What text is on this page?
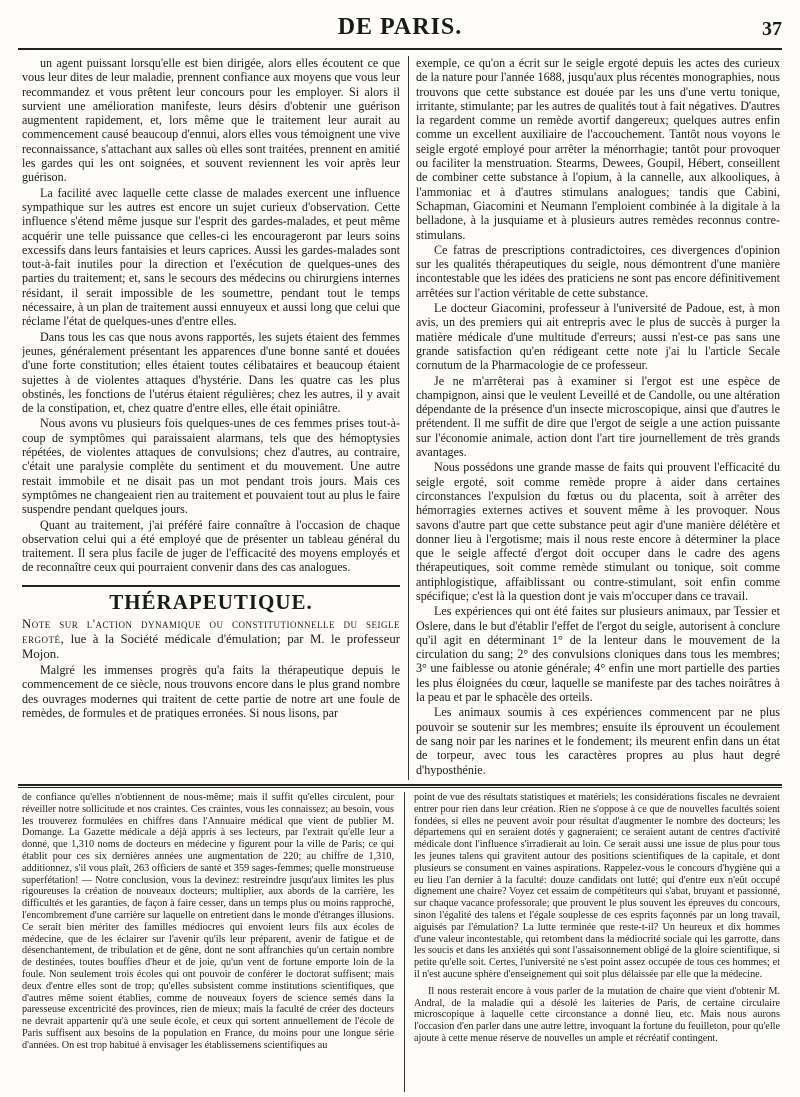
DE PARIS.	37

un agent puissant lorsqu'elle est bien dirigée, alors elles écoutent ce que vous leur dites de leur maladie, prennent confiance aux moyens que vous leur recommandez et vous prêtent leur concours pour les employer. Si alors il survient une amélioration manifeste, leurs désirs d'obtenir une guérison augmentent rapidement, et, lors même que le traitement leur aurait au commencement causé beaucoup d'ennui, alors elles vous témoignent une vive reconnaissance, s'attachant aux salles où elles sont traitées, prennent en amitié les gardes qui les ont soignées, et souvent reviennent les voir après leur guérison.

La facilité avec laquelle cette classe de malades exercent une influence sympathique sur les autres est encore un sujet curieux d'observation. Cette influence s'étend même jusque sur l'esprit des gardes-malades, et peut même acquérir une telle puissance que celles-ci les encourageront par leurs soins excessifs dans leurs fantaisies et leurs caprices. Aussi les gardes-malades sont tout-à-fait inutiles pour la direction et l'exécution de quelques-unes des parties du traitement; et, sans le secours des médecins ou chirurgiens internes résidant, il serait impossible de les soumettre, pendant tout le temps nécessaire, à un plan de traitement aussi ennuyeux et aussi long que celui que réclame l'état de quelques-unes d'entre elles.

Dans tous les cas que nous avons rapportés, les sujets étaient des femmes jeunes, généralement présentant les apparences d'une bonne santé et douées d'une forte constitution; elles étaient toutes célibataires et beaucoup étaient sujettes à de violentes attaques d'hystérie. Dans les quatre cas les plus obstinés, les fonctions de l'utérus étaient régulières; chez les autres, il y avait de la constipation, et, chez quatre d'entre elles, elle était opiniâtre.

Nous avons vu plusieurs fois quelques-unes de ces femmes prises tout-à-coup de symptômes qui paraissaient alarmans, tels que des hémoptysies répétées, de violentes attaques de convulsions; chez d'autres, au contraire, c'était une paralysie complète du sentiment et du mouvement. Une autre restait immobile et ne disait pas un mot pendant trois jours. Mais ces symptômes ne changeaient rien au traitement et pouvaient tout au plus le faire suspendre pendant quelques jours.

Quant au traitement, j'ai préféré faire connaître à l'occasion de chaque observation celui qui a été employé que de présenter un tableau général du traitement. Il sera plus facile de juger de l'efficacité des moyens employés et de reconnaître ceux qui pourraient convenir dans des cas analogues.

THÉRAPEUTIQUE.

Note sur l'action dynamique ou constitutionnelle du seigle ergoté, lue à la Société médicale d'émulation; par M. le professeur Mojon.

Malgré les immenses progrès qu'a faits la thérapeutique depuis le commencement de ce siècle, nous trouvons encore dans le plus grand nombre des ouvrages modernes qui traitent de cette partie de notre art une foule de remèdes, de formules et de pratiques erronées. Si nous lisons, par

exemple, ce qu'on a écrit sur le seigle ergoté depuis les actes des curieux de la nature pour l'année 1688, jusqu'aux plus récentes monographies, nous trouvons que cette substance est douée par les uns d'une vertu tonique, irritante, stimulante; par les autres de qualités tout à fait négatives. D'autres la regardent comme un remède avortif dangereux; quelques autres enfin comme un excellent auxiliaire de l'accouchement. Tantôt nous voyons le seigle ergoté employé pour arrêter la ménorrhagie; tantôt pour provoquer ou faciliter la menstruation. Stearms, Dewees, Goupil, Hébert, conseillent de combiner cette substance à l'opium, à la cannelle, aux alkooliques, à l'ammoniac et à d'autres stimulans analogues; tandis que Cabini, Schapman, Giacomini et Neumann l'emploient combinée à la digitale à la belladone, à la jusquiame et à plusieurs autres remèdes reconnus contre-stimulans.

Ce fatras de prescriptions contradictoires, ces divergences d'opinion sur les qualités thérapeutiques du seigle, nous démontrent d'une manière incontestable que les idées des praticiens ne sont pas encore définitivement arrêtées sur l'action véritable de cette substance.

Le docteur Giacomini, professeur à l'université de Padoue, est, à mon avis, un des premiers qui ait entrepris avec le plus de succès à purger la matière médicale d'une multitude d'erreurs; aussi n'est-ce pas sans une grande satisfaction qu'en rédigeant cette note j'ai lu l'article Secale cornutum de la Pharmacologie de ce professeur.

Je ne m'arrêterai pas à examiner si l'ergot est une espèce de champignon, ainsi que le veulent Leveillé et de Candolle, ou une altération dépendante de la présence d'un insecte microscopique, ainsi que d'autres le prétendent. Il me suffit de dire que l'ergot de seigle a une action puissante sur l'économie animale, action dont l'art tire journellement de très grands avantages.

Nous possédons une grande masse de faits qui prouvent l'efficacité du seigle ergoté, soit comme remède propre à aider dans certaines circonstances l'expulsion du fœtus ou du placenta, soit à arrêter des hémorragies externes actives et souvent même à les provoquer. Nous savons d'autre part que cette substance peut agir d'une manière délétère et donner lieu à l'ergotisme; mais il nous reste encore à déterminer la place que le seigle affecté d'ergot doit occuper dans le cadre des agens thérapeutiques, soit comme remède stimulant ou tonique, soit comme antiphlogistique, affaiblissant ou contre-stimulant, soit enfin comme spécifique; c'est là la question dont je vais m'occuper dans ce travail.

Les expériences qui ont été faites sur plusieurs animaux, par Tessier et Oslere, dans le but d'établir l'effet de l'ergot du seigle, autorisent à conclure qu'il agit en déterminant 1° de la lenteur dans le mouvement de la circulation du sang; 2° des convulsions cloniques dans tous les membres; 3° une faiblesse ou atonie générale; 4° enfin une mort partielle des parties les plus éloignées du cœur, laquelle se manifeste par des taches noirâtres à la peau et par le sphacèle des orteils.

Les animaux soumis à ces expériences commencent par ne plus pouvoir se soutenir sur les membres; ensuite ils éprouvent un écoulement de sang noir par les narines et le fondement; ils meurent enfin dans un état de torpeur, avec tous les caractères propres au plus haut degré d'hyposthénie.

de confiance qu'elles n'obtiennent de nous-même; mais il suffit qu'elles circulent, pour réveiller notre sollicitude et nos craintes. Ces craintes, vous les connaissez; au besoin, vous les trouverez formulées en chiffres dans l'Annuaire médical que vient de publier M. Domange. La Gazette médicale a déjà appris à ses lecteurs, par l'extrait qu'elle leur a donné, que 1,310 noms de docteurs en médecine y figurent pour la ville de Paris; ce qui établit pour ces six dernières années une augmentation de 220; au chiffre de 1,310, additionnez, s'il vous plaît, 263 officiers de santé et 359 sages-femmes; quelle monstrueuse superfétation! — Notre conclusion, vous la devinez: restreindre jusqu'aux limites les plus rigoureuses la création de nouveaux docteurs; multiplier, aux abords de la carrière, les difficultés et les garanties, de façon à faire cesser, dans un temps plus ou moins rapproché, l'encombrement d'une carrière sur laquelle on entretient dans le monde d'étranges illusions. Ce serait bien mériter des familles médiocres qui envoient leurs fils aux écoles de médecine, que de les éclairer sur l'avenir qu'ils leur préparent, avenir de fatigue et de désenchantement, de tribulation et de gêne, dont ne sont affranchies qu'un certain nombre de destinées, toutes bouffies d'heur et de joie, qu'un vent de fortune emporte loin de la foule. Non seulement trois écoles qui ont pouvoir de conférer le doctorat suffisent; mais deux d'entre elles sont de trop; qu'elles subsistent comme institutions scientifiques, que d'autres même soient établies, comme de nouveaux foyers de science semés dans la paresseuse excentricité des provinces, rien de mieux; mais la faculté de créer des docteurs ne devrait appartenir qu'à une seule école, et ceux qui sortent annuellement de l'école de Paris suffisent aux besoins de la population en France, du moins pour une longue série d'années. On est trop habitué à envisager les établissemens scientifiques au

point de vue des résultats statistiques et matériels; les considérations fiscales ne devraient entrer pour rien dans leur création. Rien ne s'oppose à ce que de nouvelles facultés soient fondées, si elles ne peuvent avoir pour résultat d'augmenter le nombre des docteurs; les départemens qui en seraient dotés y gagneraient; ce seraient autant de centres d'activité médicale dont l'influence s'irradierait au loin. Ce serait aussi une issue de plus pour tous les jeunes talens qui gravitent autour des positions scientifiques de la capitale, et dont plusieurs se consument en vaines aspirations. Rappelez-vous le concours d'hygiène qui a eu lieu l'an dernier à la faculté: douze candidats ont lutté; qui d'entre eux n'eût occupé dignement une chaire? Voyez cet essaim de compétiteurs qui s'abat, bruyant et passionné, sur chaque vacance professorale; que prouvent le plus souvent les épreuves du concours, sinon l'égalité des talens et l'égale souplesse de ces esprits façonnés par un long travail, aiguisés par l'émulation? La lutte terminée que reste-t-il? Un heureux et dix hommes d'une valeur incontestable, qui retombent dans la médiocrité sociale qui les garrotte, dans les soucis et dans les anxiétés qui sont l'assaisonnement obligé de la gloire scientifique, si petite qu'elle soit. Certes, l'université ne s'est point assez occupée de tous ces hommes; et il n'est aucune sphère d'enseignement qui soit plus délaissée par elle que la médecine.

Il nous resterait encore à vous parler de la mutation de chaire que vient d'obtenir M. Andral, de la maladie qui a désolé les laiteries de Paris, de certaine circulaire microscopique à laquelle cette circonstance a donné lieu, etc. Mais nous aurons l'occasion d'en parler dans une autre lettre, invoquant la fortune du feuilleton, pour qu'elle ajoute à cette menue réserve de nouvelles un ample et récréatif contingent.
